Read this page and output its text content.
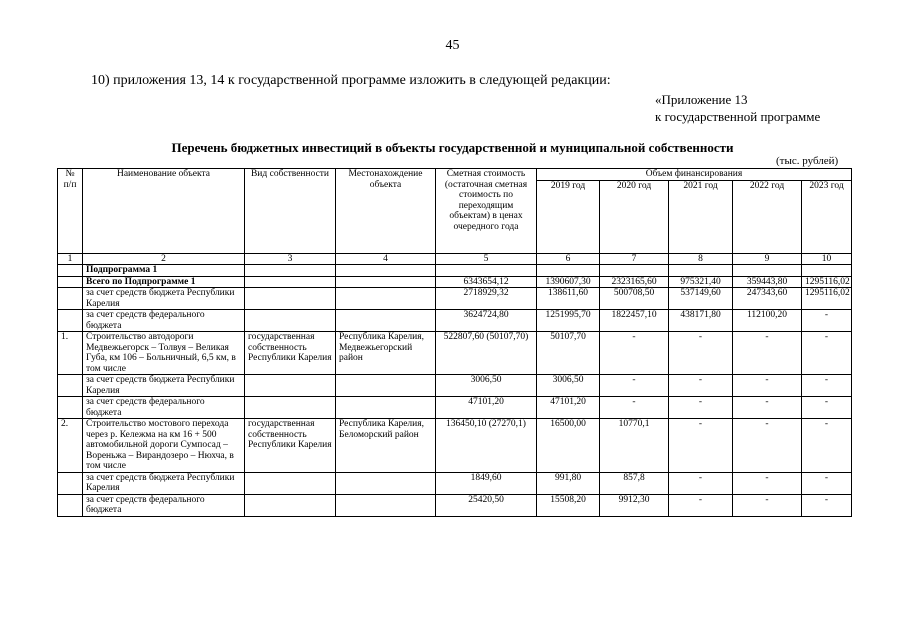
45
10) приложения 13, 14 к государственной программе изложить в следующей редакции:
«Приложение 13
к государственной программе
Перечень бюджетных инвестиций в объекты государственной и муниципальной собственности
(тыс. рублей)
№ п/п	Наименование объекта	Вид собственности	Местонахождение объекта	Сметная стоимость (остаточная сметная стоимость по переходящим объектам) в ценах очередного года	Объем финансирования				
					2019 год	2020 год	2021 год	2022 год	2023 год
1	2	3	4	5	6	7	8	9	10
	Подпрограмма 1								
	Всего по Подпрограмме 1			6343654,12	1390607,30	2323165,60	975321,40	359443,80	1295116,02
	за счет средств бюджета Республики Карелия			2718929,32	138611,60	500708,50	537149,60	247343,60	1295116,02
	за счет средств федерального бюджета			3624724,80	1251995,70	1822457,10	438171,80	112100,20	-
1.	Строительство автодороги Медвежьегорск – Толвуя – Великая Губа, км 106 – Больничный, 6,5 км, в том числе	государственная собственность Республики Карелия	Республика Карелия, Медвежьегорский район	522807,60 (50107,70)	50107,70	-	-	-	-
	за счет средств бюджета Республики Карелия			3006,50	3006,50	-	-	-	-
	за счет средств федерального бюджета			47101,20	47101,20	-	-	-	-
2.	Строительство мостового перехода через р. Кележма на км 16 + 500 автомобильной дороги Сумпосад – Вореньжа – Вирандозеро – Нюхча, в том числе	государственная собственность Республики Карелия	Республика Карелия, Беломорский район	136450,10 (27270,1)	16500,00	10770,1	-	-	-
	за счет средств бюджета Республики Карелия			1849,60	991,80	857,8	-	-	-
	за счет средств федерального бюджета			25420,50	15508,20	9912,30	-	-	-
